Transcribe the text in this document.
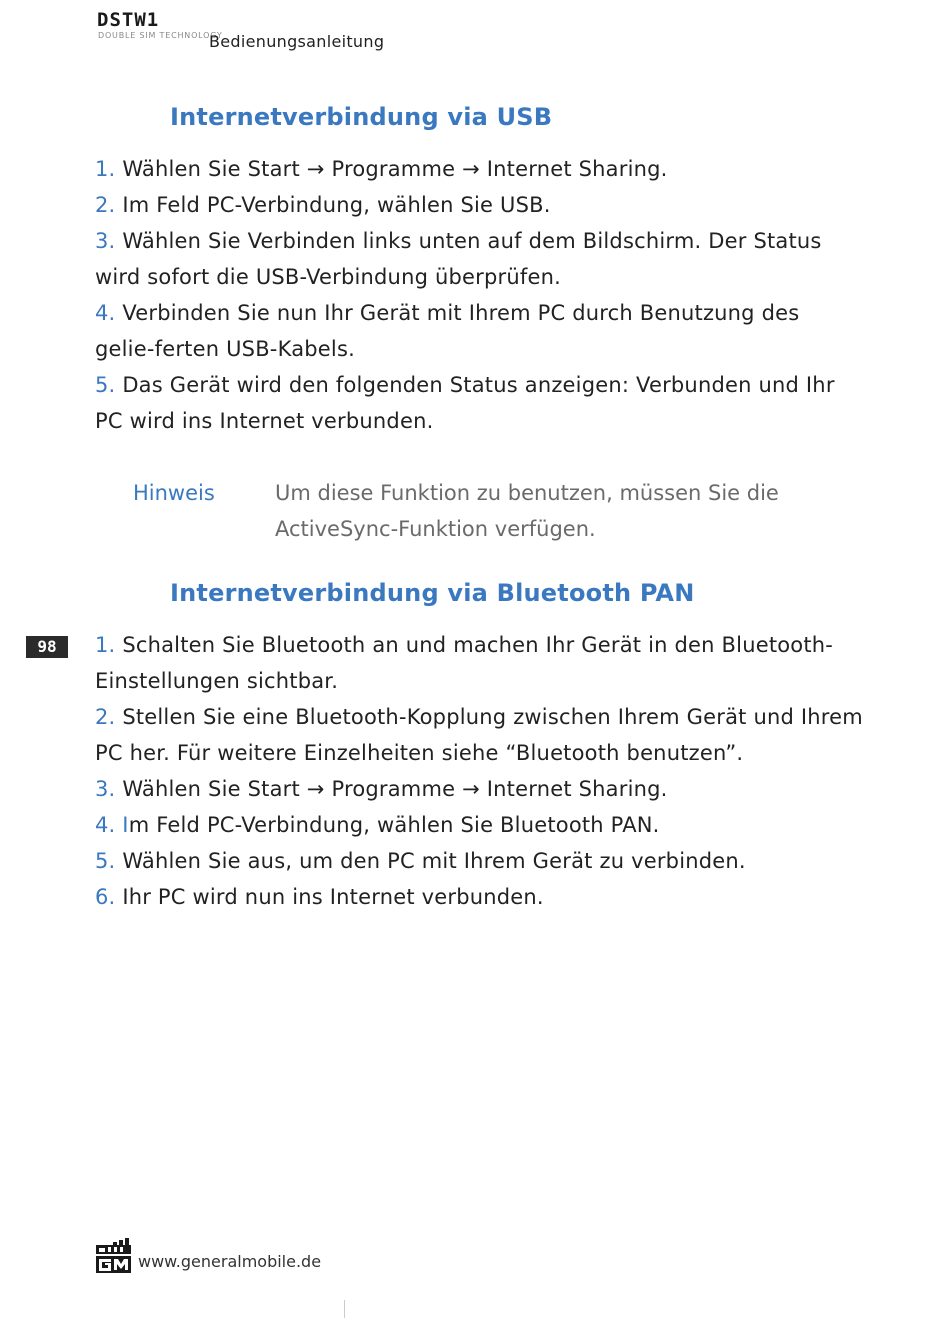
DSTW1
DOUBLE SIM TECHNOLOGY
Bedienungsanleitung
Internetverbindung via USB
1. Wählen Sie Start → Programme → Internet Sharing.
2. Im Feld PC-Verbindung, wählen Sie USB.
3. Wählen Sie Verbinden links unten auf dem Bildschirm. Der Status wird sofort die USB-Verbindung überprüfen.
4. Verbinden Sie nun Ihr Gerät mit Ihrem PC durch Benutzung des gelie-ferten USB-Kabels.
5. Das Gerät wird den folgenden Status anzeigen: Verbunden und Ihr PC wird ins Internet verbunden.
Hinweis	Um diese Funktion zu benutzen, müssen Sie die ActiveSync-Funktion verfügen.
Internetverbindung via Bluetooth PAN
1. Schalten Sie Bluetooth an und machen Ihr Gerät in den Bluetooth-Einstellungen sichtbar.
2. Stellen Sie eine Bluetooth-Kopplung zwischen Ihrem Gerät und Ihrem PC her. Für weitere Einzelheiten siehe “Bluetooth benutzen”.
3. Wählen Sie Start → Programme → Internet Sharing.
4. Im Feld PC-Verbindung, wählen Sie Bluetooth PAN.
5. Wählen Sie aus, um den PC mit Ihrem Gerät zu verbinden.
6. Ihr PC wird nun ins Internet verbunden.
98
www.generalmobile.de
